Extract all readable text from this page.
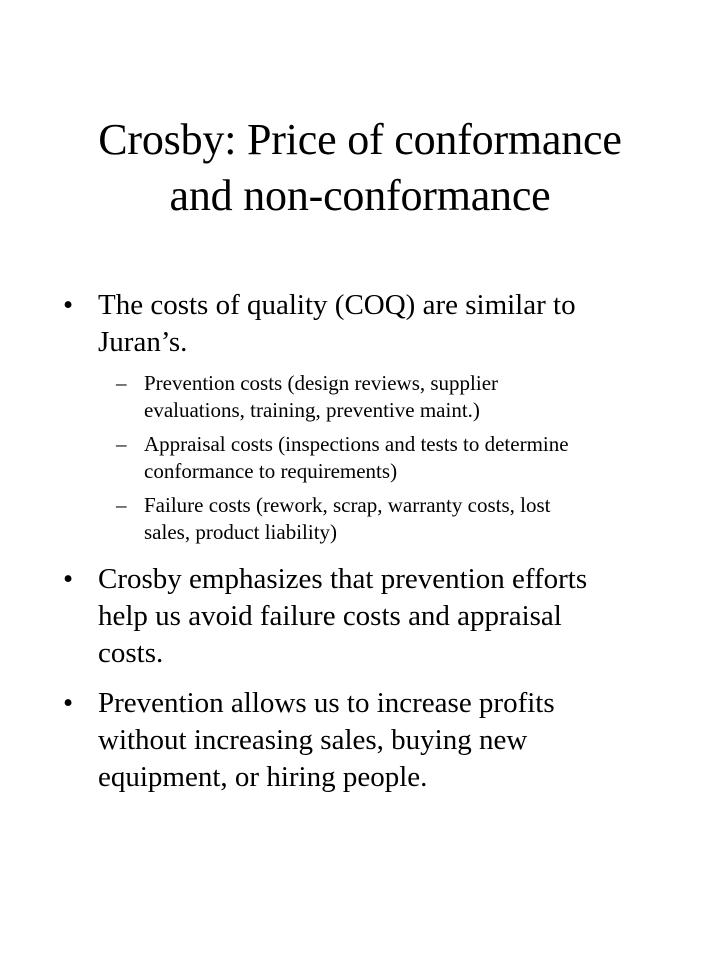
Crosby: Price of conformance
and non-conformance
• The costs of quality (COQ) are similar to
Juran’s.
– Prevention costs (design reviews, supplier
evaluations, training, preventive maint.)
– Appraisal costs (inspections and tests to determine
conformance to requirements)
– Failure costs (rework, scrap, warranty costs, lost
sales, product liability)
• Crosby emphasizes that prevention efforts
help us avoid failure costs and appraisal
costs.
• Prevention allows us to increase profits
without increasing sales, buying new
equipment, or hiring people.
